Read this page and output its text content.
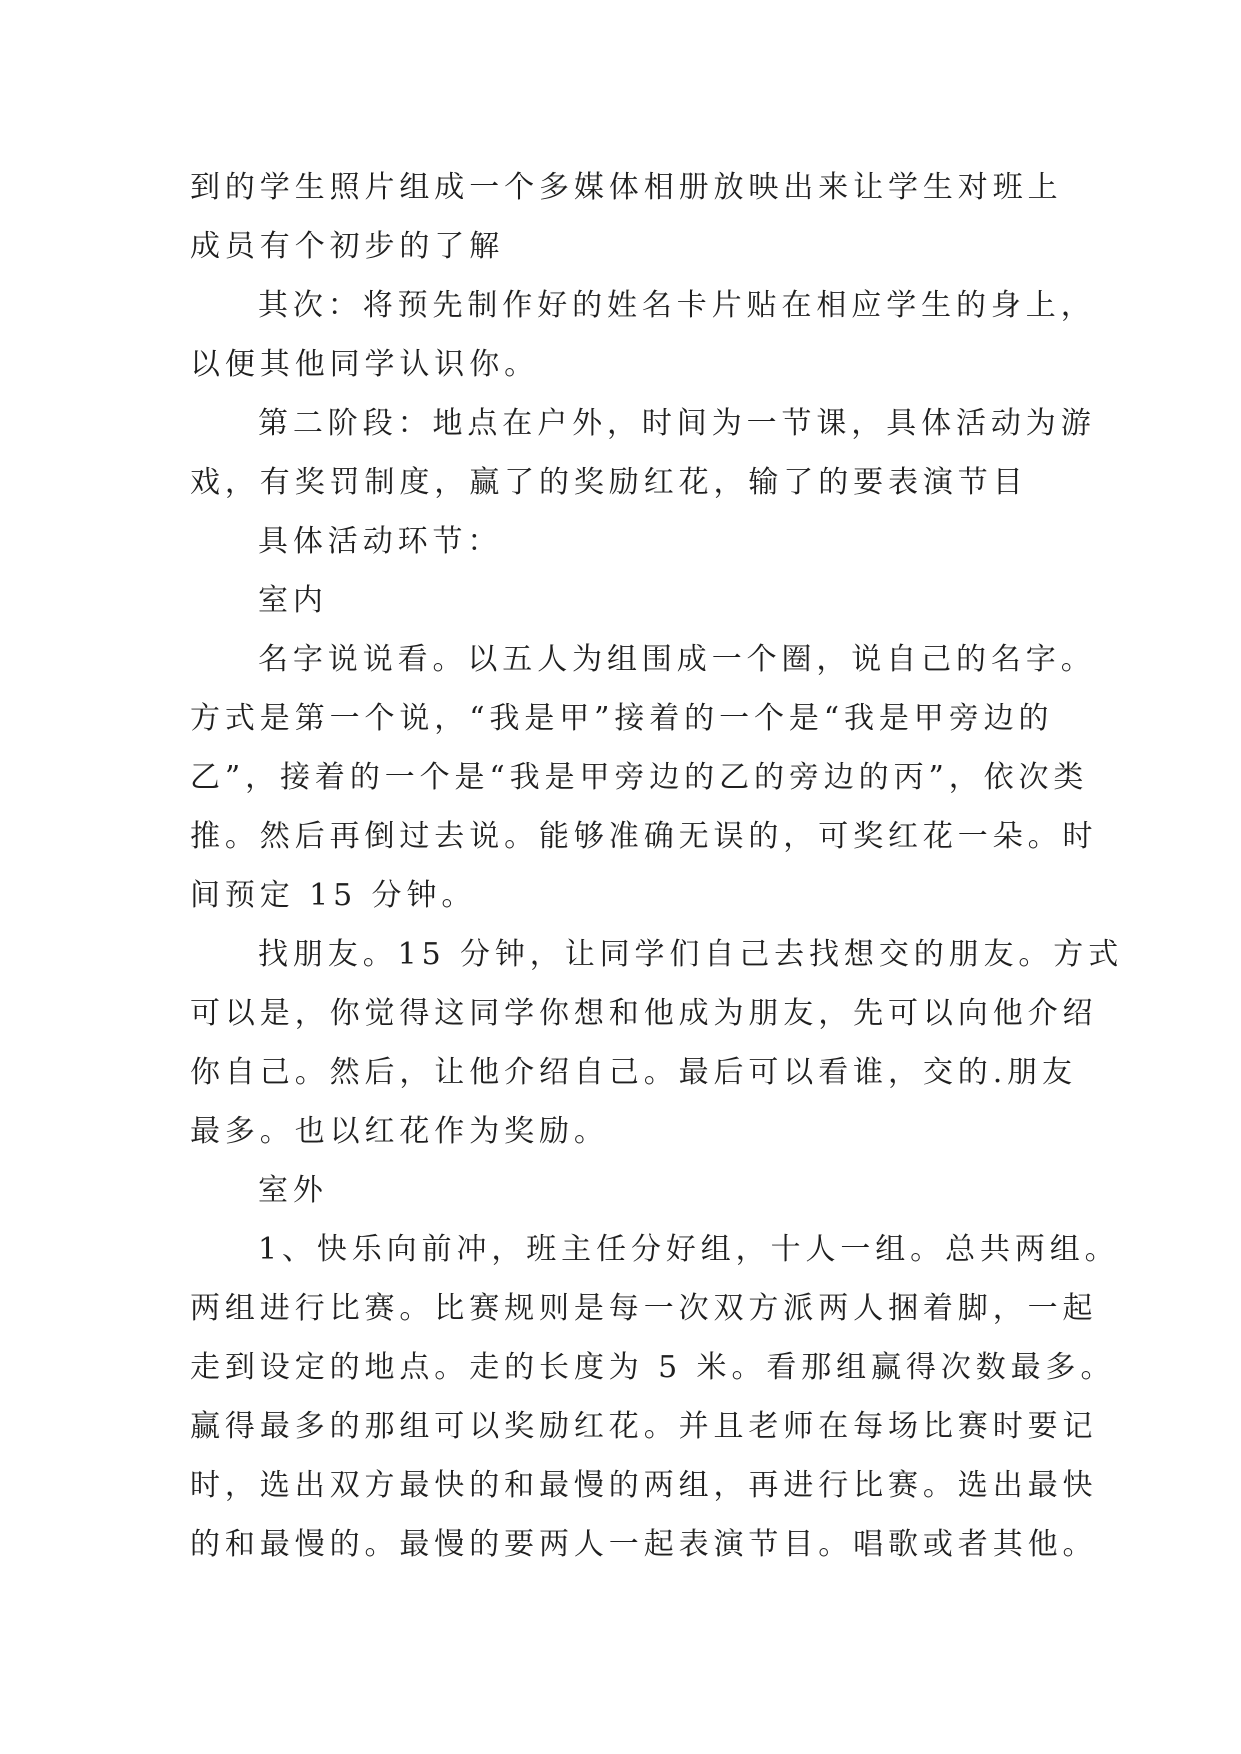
到的学生照片组成一个多媒体相册放映出来让学生对班上
成员有个初步的了解
其次：将预先制作好的姓名卡片贴在相应学生的身上，
以便其他同学认识你。
第二阶段：地点在户外，时间为一节课，具体活动为游
戏，有奖罚制度，赢了的奖励红花，输了的要表演节目
具体活动环节：
室内
名字说说看。以五人为组围成一个圈，说自己的名字。
方式是第一个说，“我是甲”接着的一个是“我是甲旁边的
乙”，接着的一个是“我是甲旁边的乙的旁边的丙”，依次类
推。然后再倒过去说。能够准确无误的，可奖红花一朵。时
间预定 15 分钟。
找朋友。15 分钟，让同学们自己去找想交的朋友。方式
可以是，你觉得这同学你想和他成为朋友，先可以向他介绍
你自己。然后，让他介绍自己。最后可以看谁，交的.朋友
最多。也以红花作为奖励。
室外
1、快乐向前冲，班主任分好组，十人一组。总共两组。
两组进行比赛。比赛规则是每一次双方派两人捆着脚，一起
走到设定的地点。走的长度为 5 米。看那组赢得次数最多。
赢得最多的那组可以奖励红花。并且老师在每场比赛时要记
时，选出双方最快的和最慢的两组，再进行比赛。选出最快
的和最慢的。最慢的要两人一起表演节目。唱歌或者其他。
